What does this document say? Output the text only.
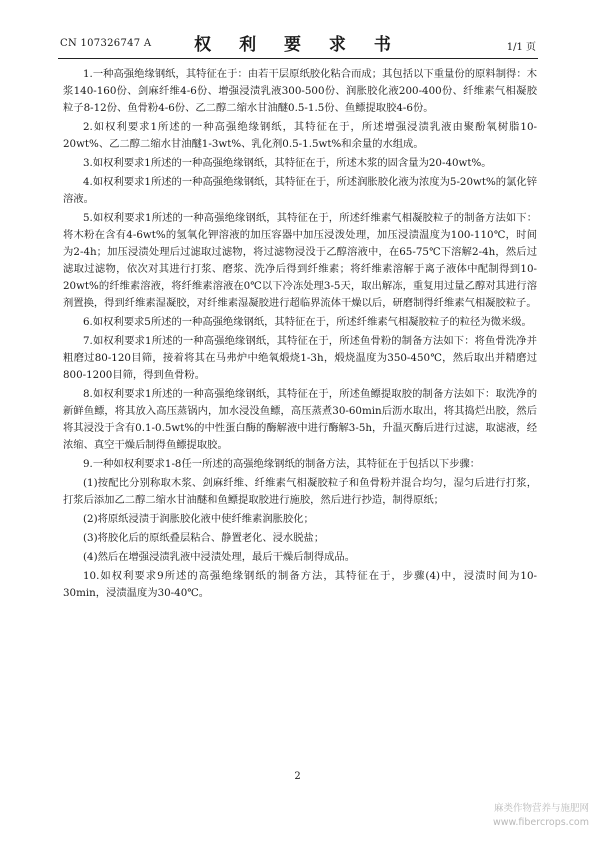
CN 107326747 A	权 利 要 求 书	1/1 页

1.一种高强绝缘钢纸，其特征在于：由若干层原纸胶化粘合而成；其包括以下重量份的原料制得：木浆140-160份、剑麻纤维4-6份、增强浸渍乳液300-500份、润胀胶化液200-400份、纤维素气相凝胶粒子8-12份、鱼骨粉4-6份、乙二醇二缩水甘油醚0.5-1.5份、鱼鳔提取胶4-6份。

2.如权利要求1所述的一种高强绝缘钢纸，其特征在于，所述增强浸渍乳液由聚酚氧树脂10-20wt%、乙二醇二缩水甘油醚1-3wt%、乳化剂0.5-1.5wt%和余量的水组成。

3.如权利要求1所述的一种高强绝缘钢纸，其特征在于，所述木浆的固含量为20-40wt%。

4.如权利要求1所述的一种高强绝缘钢纸，其特征在于，所述润胀胶化液为浓度为5-20wt%的氯化锌溶液。

5.如权利要求1所述的一种高强绝缘钢纸，其特征在于，所述纤维素气相凝胶粒子的制备方法如下：将木粉在含有4-6wt%的氢氧化钾溶液的加压容器中加压浸泼处理，加压浸渍温度为100-110℃，时间为2-4h；加压浸渍处理后过滤取过滤物，将过滤物浸没于乙醇溶液中，在65-75℃下溶解2-4h，然后过滤取过滤物，依次对其进行打浆、磨浆、洗净后得到纤维素；将纤维素溶解于离子液体中配制得到10-20wt%的纤维素溶液，将纤维素溶液在0℃以下冷冻处理3-5天，取出解冻，重复用过量乙醇对其进行溶剂置换，得到纤维素湿凝胶，对纤维素湿凝胶进行超临界流体干燥以后，研磨制得纤维素气相凝胶粒子。

6.如权利要求5所述的一种高强绝缘钢纸，其特征在于，所述纤维素气相凝胶粒子的粒径为微米级。

7.如权利要求1所述的一种高强绝缘钢纸，其特征在于，所述鱼骨粉的制备方法如下：将鱼骨洗净并粗磨过80-120目筛，接着将其在马弗炉中绝氧煅烧1-3h，煅烧温度为350-450℃，然后取出并精磨过800-1200目筛，得到鱼骨粉。

8.如权利要求1所述的一种高强绝缘钢纸，其特征在于，所述鱼鳔提取胶的制备方法如下：取洗净的新鲜鱼鳔，将其放入高压蒸锅内，加水浸没鱼鳔，高压蒸煮30-60min后沥水取出，将其捣烂出胶，然后将其浸没于含有0.1-0.5wt%的中性蛋白酶的酶解液中进行酶解3-5h，升温灭酶后进行过滤，取滤液，经浓缩、真空干燥后制得鱼鳔提取胶。

9.一种如权利要求1-8任一所述的高强绝缘钢纸的制备方法，其特征在于包括以下步骤：

(1)按配比分别称取木浆、剑麻纤维、纤维素气相凝胶粒子和鱼骨粉并混合均匀，湿匀后进行打浆，打浆后添加乙二醇二缩水甘油醚和鱼鳔提取胶进行施胶，然后进行抄造，制得原纸；

(2)将原纸浸渍于润胀胶化液中使纤维素润胀胶化；

(3)将胶化后的原纸叠层粘合、静置老化、浸水脱盐；

(4)然后在增强浸渍乳液中浸渍处理，最后干燥后制得成品。

10.如权利要求9所述的高强绝缘钢纸的制备方法，其特征在于，步骤(4)中，浸渍时间为10-30min，浸渍温度为30-40℃。

2
麻类作物营养与施肥网
www.fibercrops.com
